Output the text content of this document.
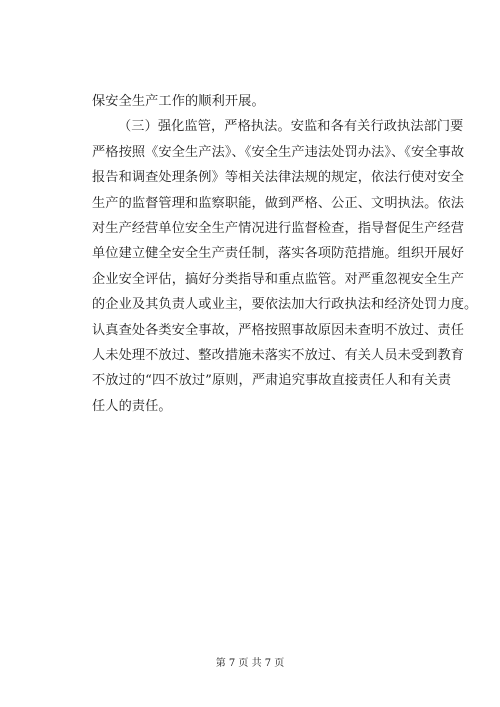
保安全生产工作的顺利开展。
（三）强化监管，严格执法。安监和各有关行政执法部门要
严格按照《安全生产法》、《安全生产违法处罚办法》、《安全事故
报告和调查处理条例》等相关法律法规的规定，依法行使对安全
生产的监督管理和监察职能，做到严格、公正、文明执法。依法
对生产经营单位安全生产情况进行监督检查，指导督促生产经营
单位建立健全安全生产责任制，落实各项防范措施。组织开展好
企业安全评估，搞好分类指导和重点监管。对严重忽视安全生产
的企业及其负责人或业主，要依法加大行政执法和经济处罚力度。
认真查处各类安全事故，严格按照事故原因未查明不放过、责任
人未处理不放过、整改措施未落实不放过、有关人员未受到教育
不放过的“四不放过”原则，严肃追究事故直接责任人和有关责
任人的责任。
第 7 页 共 7 页
